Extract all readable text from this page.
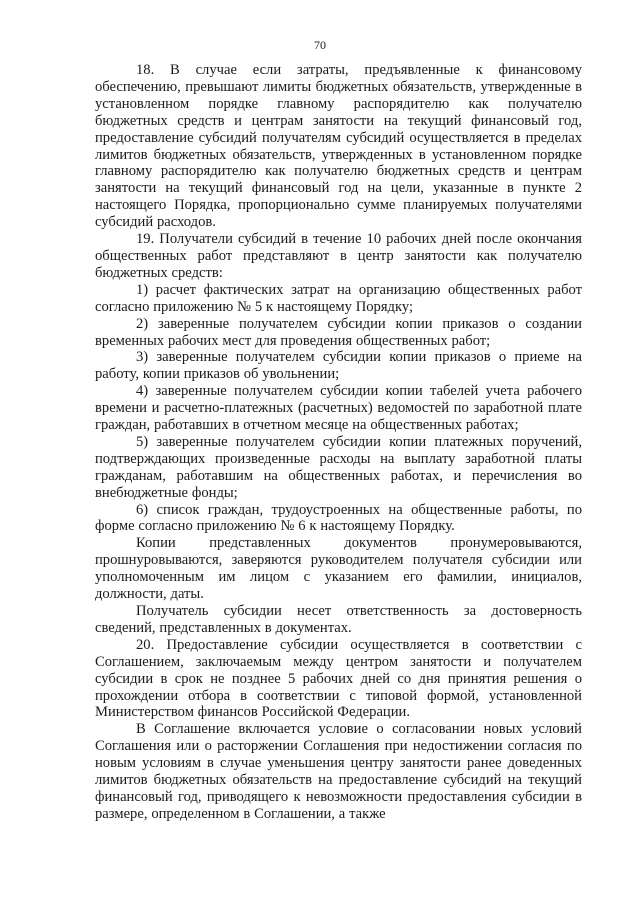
70

18. В случае если затраты, предъявленные к финансовому обеспечению, превышают лимиты бюджетных обязательств, утвержденные в установленном порядке главному распорядителю как получателю бюджетных средств и центрам занятости на текущий финансовый год, предоставление субсидий получателям субсидий осуществляется в пределах лимитов бюджетных обязательств, утвержденных в установленном порядке главному распорядителю как получателю бюджетных средств и центрам занятости на текущий финансовый год на цели, указанные в пункте 2 настоящего Порядка, пропорционально сумме планируемых получателями субсидий расходов.

19. Получатели субсидий в течение 10 рабочих дней после окончания общественных работ представляют в центр занятости как получателю бюджетных средств:

1) расчет фактических затрат на организацию общественных работ согласно приложению № 5 к настоящему Порядку;

2) заверенные получателем субсидии копии приказов о создании временных рабочих мест для проведения общественных работ;

3) заверенные получателем субсидии копии приказов о приеме на работу, копии приказов об увольнении;

4) заверенные получателем субсидии копии табелей учета рабочего времени и расчетно-платежных (расчетных) ведомостей по заработной плате граждан, работавших в отчетном месяце на общественных работах;

5) заверенные получателем субсидии копии платежных поручений, подтверждающих произведенные расходы на выплату заработной платы гражданам, работавшим на общественных работах, и перечисления во внебюджетные фонды;

6) список граждан, трудоустроенных на общественные работы, по форме согласно приложению № 6 к настоящему Порядку.

Копии представленных документов пронумеровываются, прошнуровываются, заверяются руководителем получателя субсидии или уполномоченным им лицом с указанием его фамилии, инициалов, должности, даты.

Получатель субсидии несет ответственность за достоверность сведений, представленных в документах.

20. Предоставление субсидии осуществляется в соответствии с Соглашением, заключаемым между центром занятости и получателем субсидии в срок не позднее 5 рабочих дней со дня принятия решения о прохождении отбора в соответствии с типовой формой, установленной Министерством финансов Российской Федерации.

В Соглашение включается условие о согласовании новых условий Соглашения или о расторжении Соглашения при недостижении согласия по новым условиям в случае уменьшения центру занятости ранее доведенных лимитов бюджетных обязательств на предоставление субсидий на текущий финансовый год, приводящего к невозможности предоставления субсидии в размере, определенном в Соглашении, а также
